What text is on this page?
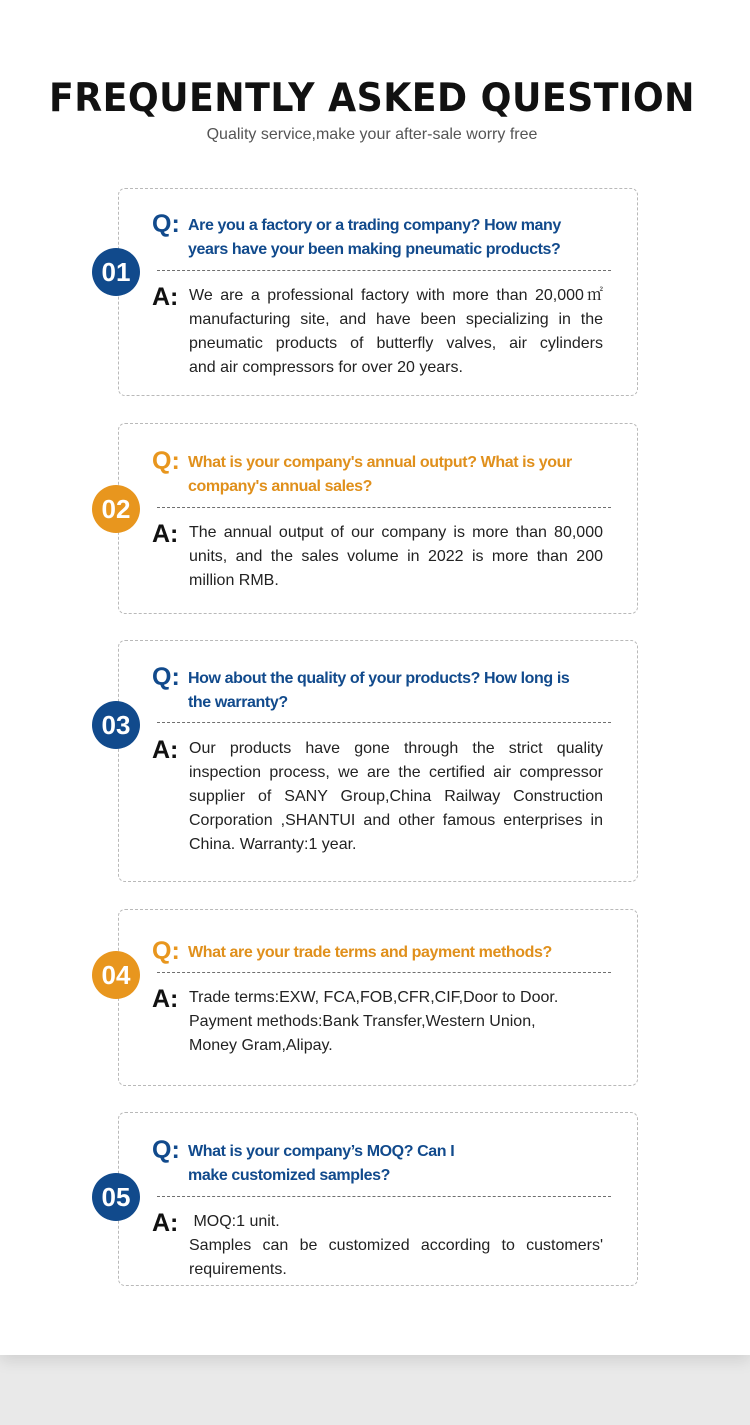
FREQUENTLY ASKED QUESTION
Quality service,make your after-sale worry free
01
Q: Are you a factory or a trading company? How many
years have your been making pneumatic products?
A: We are a professional factory with more than 20,000㎡
manufacturing site, and have been specializing in the
pneumatic products of butterfly valves, air cylinders
and air compressors for over 20 years.
02
Q: What is your company's annual output? What is your
company's annual sales?
A: The annual output of our company is more than 80,000
units, and the sales volume in 2022 is more than 200
million RMB.
03
Q: How about the quality of your products? How long is
the warranty?
A: Our products have gone through the strict quality
inspection process, we are the certified air compressor
supplier of SANY Group,China Railway Construction
Corporation ,SHANTUI and other famous enterprises in
China. Warranty:1 year.
04
Q: What are your trade terms and payment methods?
A: Trade terms:EXW, FCA,FOB,CFR,CIF,Door to Door.
Payment methods:Bank Transfer,Western Union,
Money Gram,Alipay.
05
Q: What is your company’s MOQ? Can I
make customized samples?
A: MOQ:1 unit.
Samples can be customized according to customers'
requirements.
